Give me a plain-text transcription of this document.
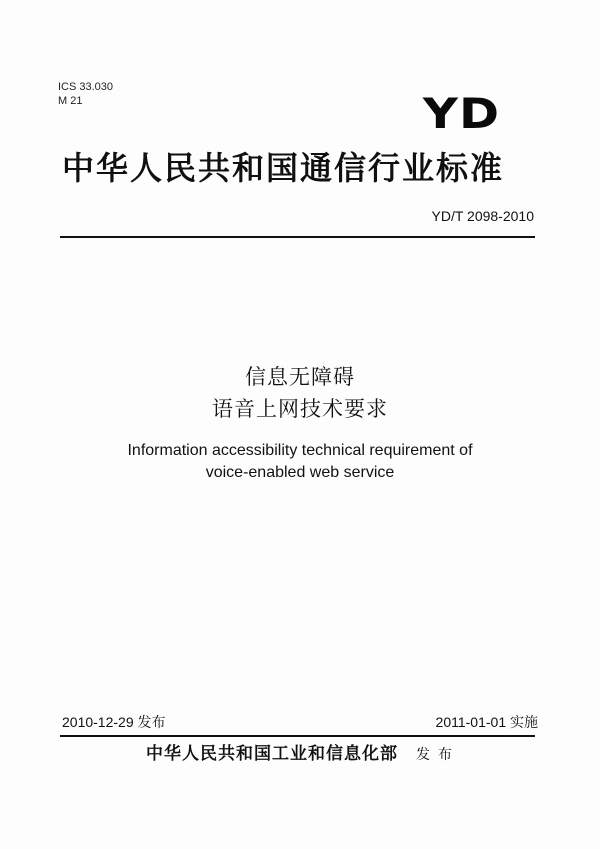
ICS 33.030
M 21	YD
中华人民共和国通信行业标准
YD/T 2098-2010
信息无障碍
语音上网技术要求
Information accessibility technical requirement of
voice-enabled web service
2010-12-29 发布	2011-01-01 实施
中华人民共和国工业和信息化部 发 布
